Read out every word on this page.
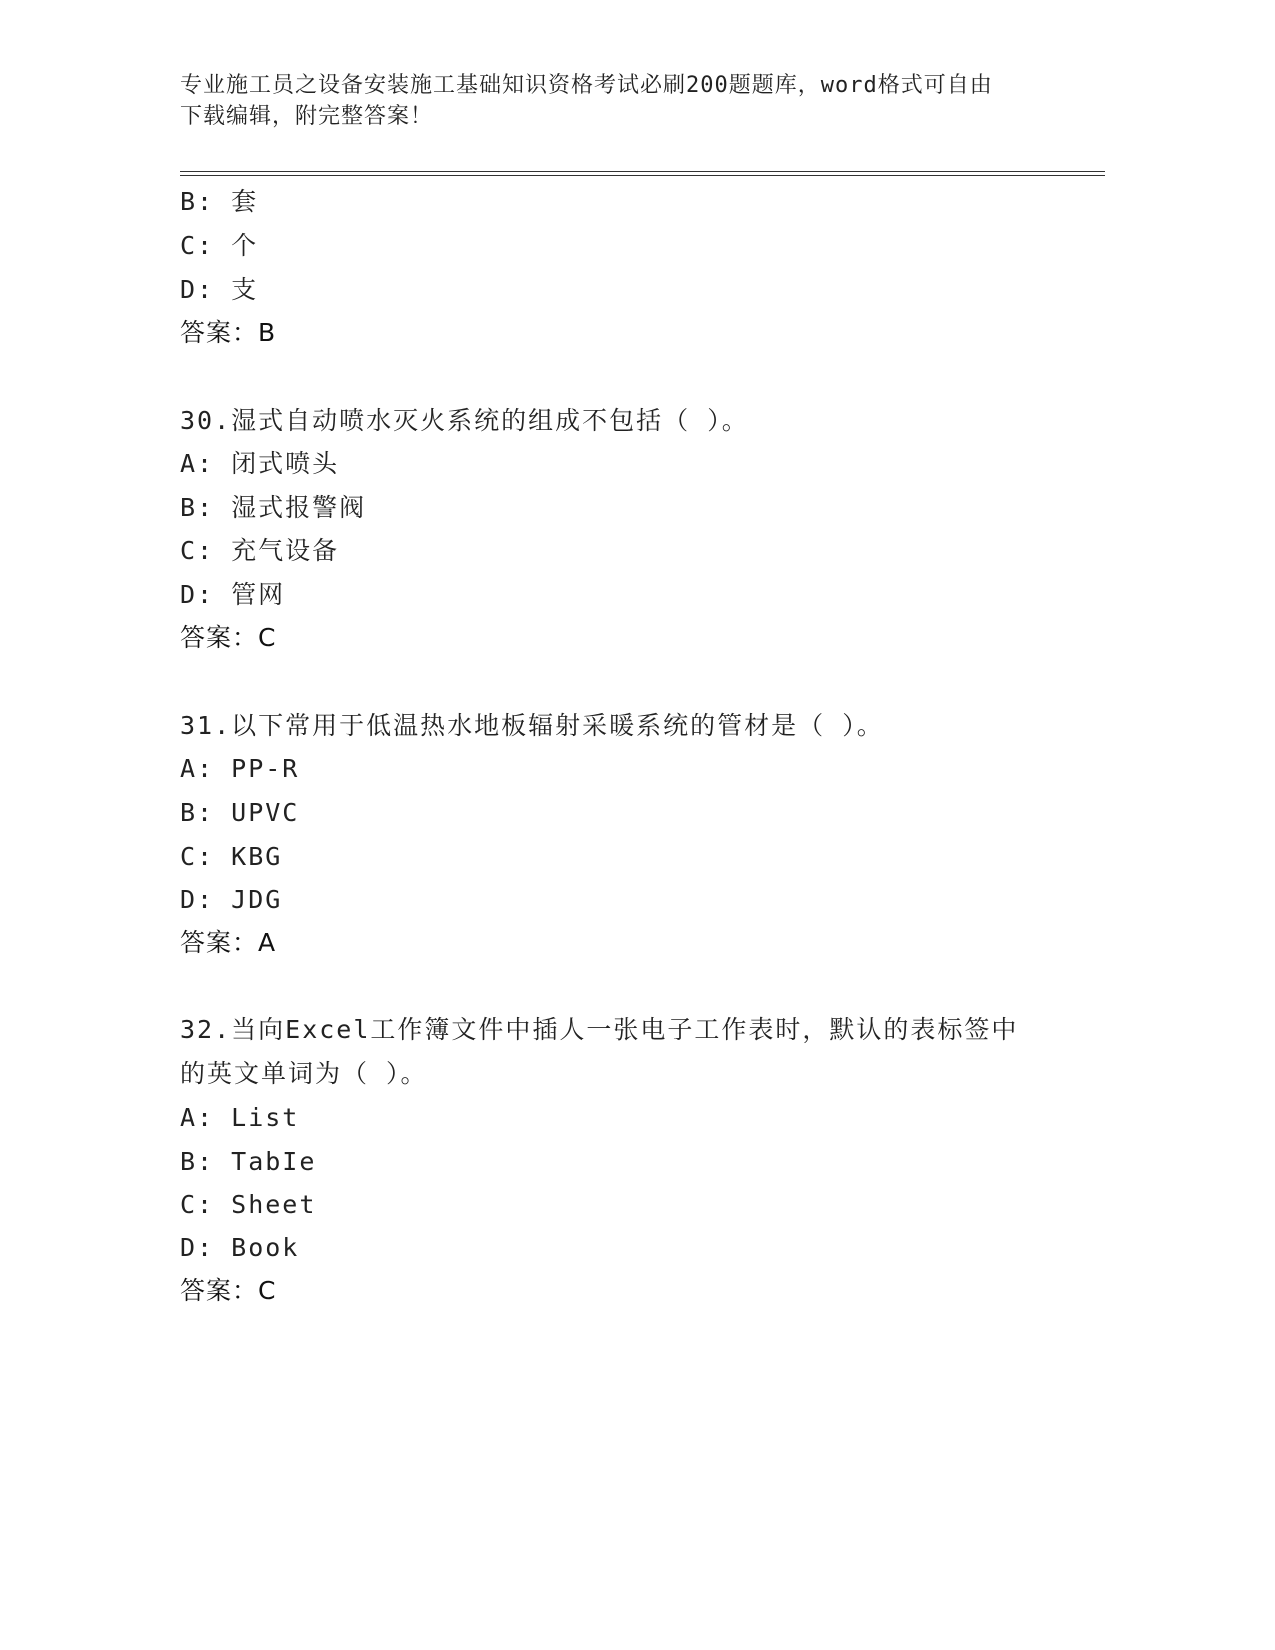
专业施工员之设备安装施工基础知识资格考试必刷200题题库，word格式可自由
下载编辑，附完整答案！
B: 套
C: 个
D: 支
答案：B
30.湿式自动喷水灭火系统的组成不包括（ ）。
A: 闭式喷头
B: 湿式报警阀
C: 充气设备
D: 管网
答案：C
31.以下常用于低温热水地板辐射采暖系统的管材是（ ）。
A: PP-R
B: UPVC
C: KBG
D: JDG
答案：A
32.当向Excel工作簿文件中插人一张电子工作表时，默认的表标签中
的英文单词为（ ）。
A: List
B: TabIe
C: Sheet
D: Book
答案：C
